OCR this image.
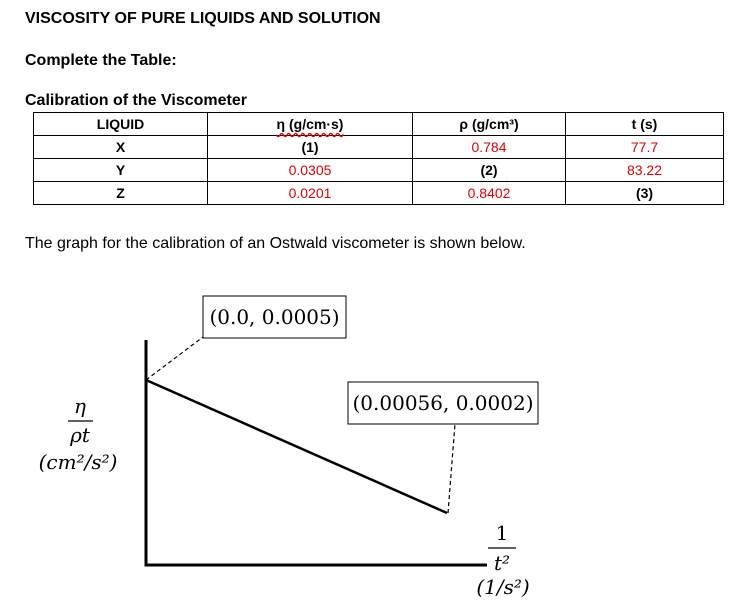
VISCOSITY OF PURE LIQUIDS AND SOLUTION
Complete the Table:
Calibration of the Viscometer
LIQUID	η (g/cm·s)	ρ (g/cm³)	t (s)
X	(1)	0.784	77.7
Y	0.0305	(2)	83.22
Z	0.0201	0.8402	(3)
The graph for the calibration of an Ostwald viscometer is shown below.
(0.0, 0.0005)
(0.00056, 0.0002)
η
ρt
(cm²/s²)
1
t²
(1/s²)
